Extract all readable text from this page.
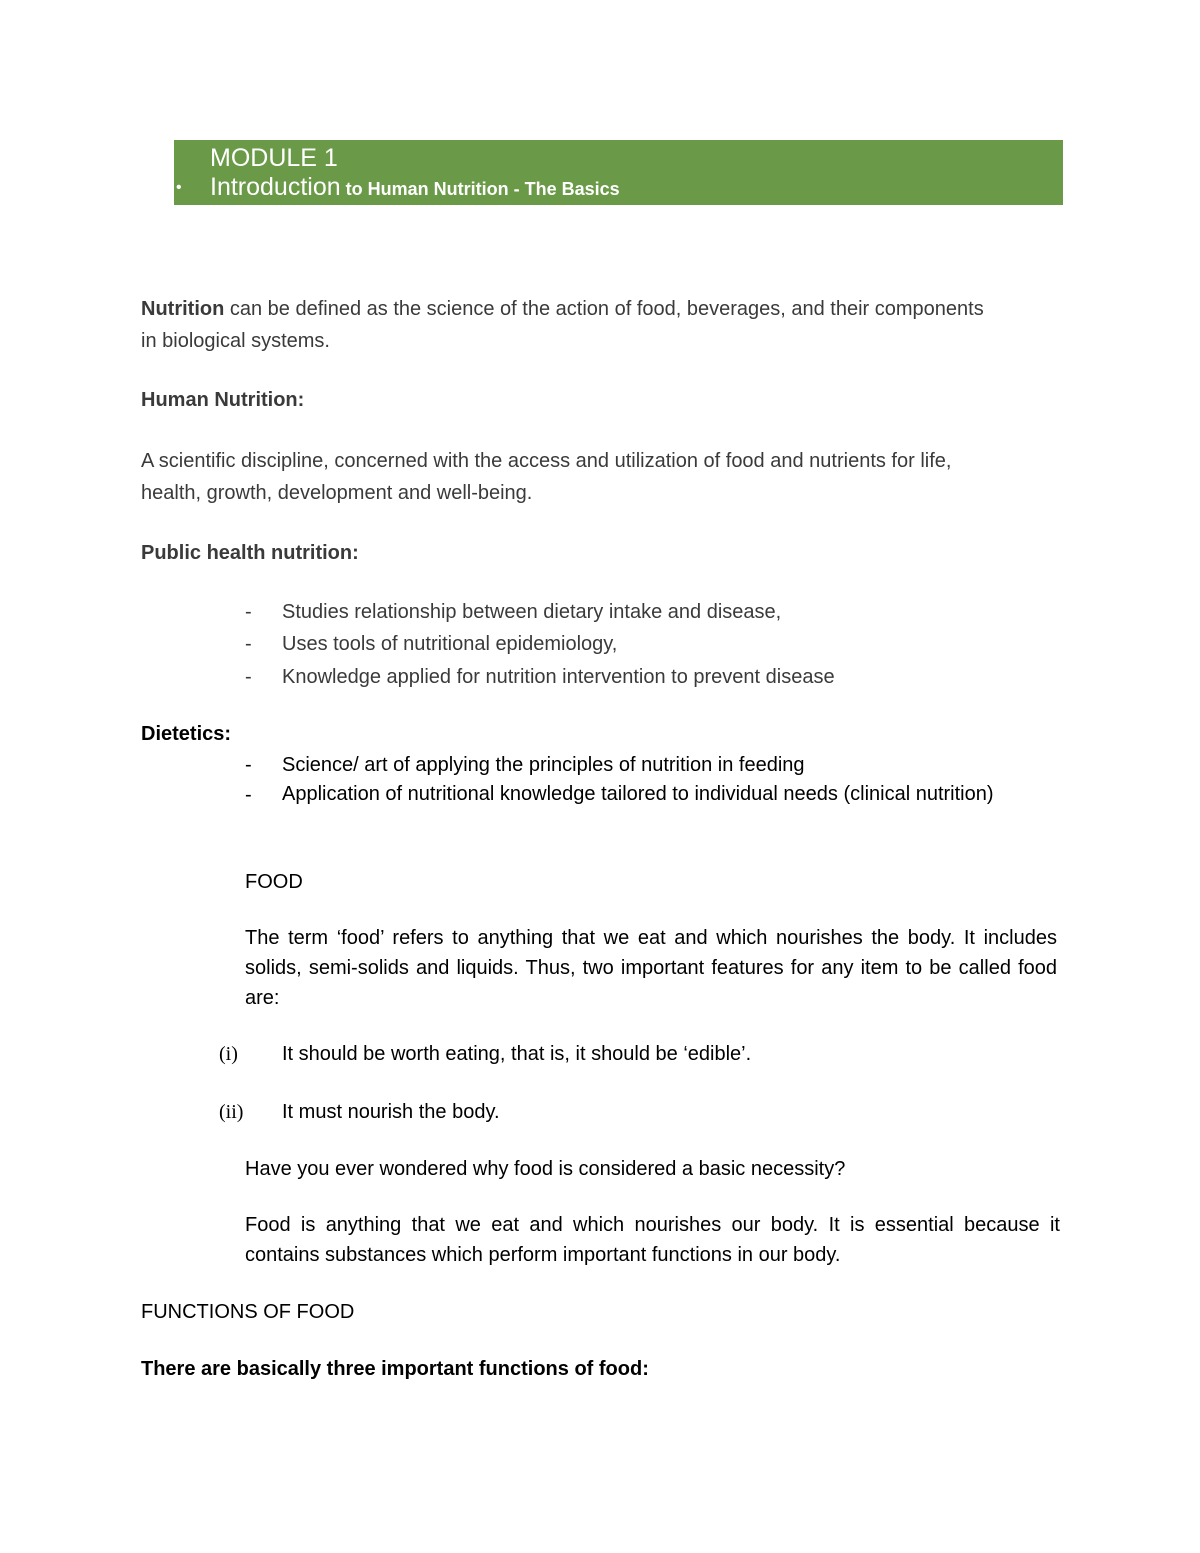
MODULE 1
• Introduction to Human Nutrition - The Basics
Nutrition can be defined as the science of the action of food, beverages, and their components
in biological systems.
Human Nutrition:
A scientific discipline, concerned with the access and utilization of food and nutrients for life,
health, growth, development and well-being.
Public health nutrition:
- Studies relationship between dietary intake and disease,
- Uses tools of nutritional epidemiology,
- Knowledge applied for nutrition intervention to prevent disease
Dietetics:
- Science/ art of applying the principles of nutrition in feeding
-	Application of nutritional knowledge tailored to individual needs (clinical nutrition)
FOOD
The term ‘food’ refers to anything that we eat and which nourishes the body. It includes solids, semi-solids and liquids. Thus, two important features for any item to be called food are:
(i) It should be worth eating, that is, it should be ‘edible’.
(ii) It must nourish the body.
Have you ever wondered why food is considered a basic necessity?
Food is anything that we eat and which nourishes our body. It is essential because it contains substances which perform important functions in our body.
FUNCTIONS OF FOOD
There are basically three important functions of food:
